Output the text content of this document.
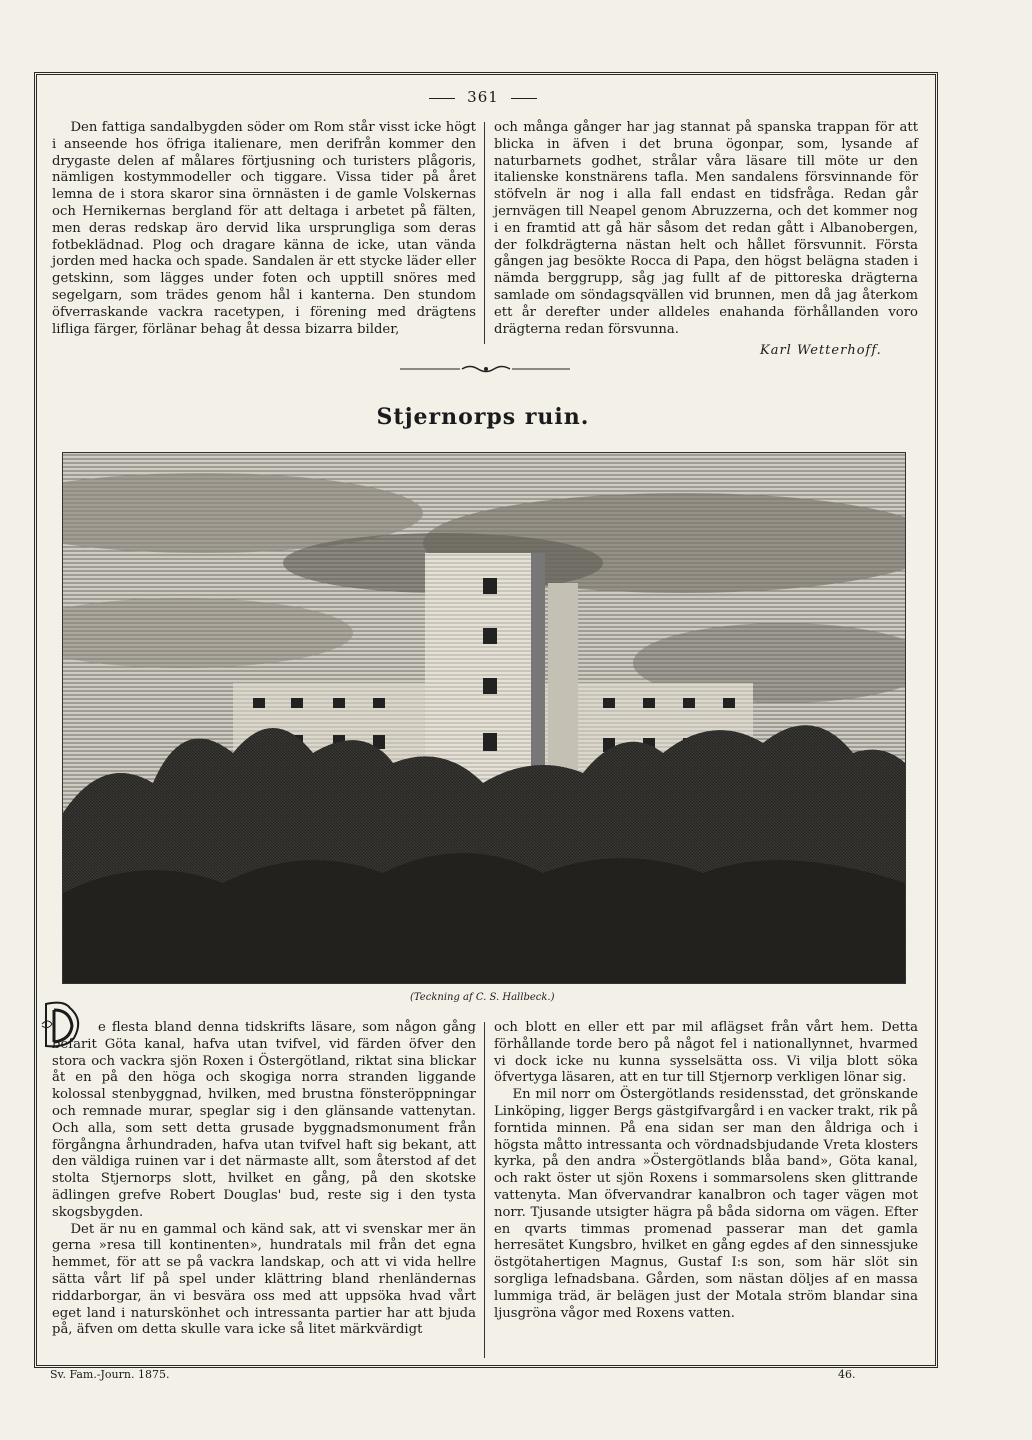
361

Den fattiga sandalbygden söder om Rom står visst icke högt i anseende hos öfriga italienare, men derifrån kommer den drygaste delen af målares förtjusning och turisters plågoris, nämligen kostymmodeller och tiggare. Vissa tider på året lemna de i stora skaror sina örnnästen i de gamle Volskernas och Hernikernas bergland för att deltaga i arbetet på fälten, men deras redskap äro dervid lika ursprungliga som deras fotbeklädnad. Plog och dragare känna de icke, utan vända jorden med hacka och spade. Sandalen är ett stycke läder eller getskinn, som lägges under foten och upptill snöres med segelgarn, som trädes genom hål i kanterna. Den stundom öfverraskande vackra racetypen, i förening med drägtens lifliga färger, förlänar behag åt dessa bizarra bilder,

och många gånger har jag stannat på spanska trappan för att blicka in äfven i det bruna ögonpar, som, lysande af naturbarnets godhet, strålar våra läsare till möte ur den italienske konstnärens tafla. Men sandalens försvinnande för stöfveln är nog i alla fall endast en tidsfråga. Redan går jernvägen till Neapel genom Abruzzerna, och det kommer nog i en framtid att gå här såsom det redan gått i Albanobergen, der folkdrägterna nästan helt och hållet försvunnit. Första gången jag besökte Rocca di Papa, den högst belägna staden i nämda berggrupp, såg jag fullt af de pittoreska drägterna samlade om söndagsqvällen vid brunnen, men då jag återkom ett år derefter under alldeles enahanda förhållanden voro drägterna redan försvunna.

Karl Wetterhoff.
Stjernorps ruin.
(Teckning af C. S. Hallbeck.)

e flesta bland denna tidskrifts läsare, som någon gång befarit Göta kanal, hafva utan tvifvel, vid färden öfver den stora och vackra sjön Roxen i Östergötland, riktat sina blickar åt en på den höga och skogiga norra stranden liggande kolossal stenbyggnad, hvilken, med brustna fönsteröppningar och remnade murar, speglar sig i den glänsande vattenytan. Och alla, som sett detta grusade byggnadsmonument från förgångna århundraden, hafva utan tvifvel haft sig bekant, att den väldiga ruinen var i det närmaste allt, som återstod af det stolta Stjernorps slott, hvilket en gång, på den skotske ädlingen grefve Robert Douglas' bud, reste sig i den tysta skogsbygden.

Det är nu en gammal och känd sak, att vi svenskar mer än gerna »resa till kontinenten», hundratals mil från det egna hemmet, för att se på vackra landskap, och att vi vida hellre sätta vårt lif på spel under klättring bland rhenländernas riddarborgar, än vi besvära oss med att uppsöka hvad vårt eget land i naturskönhet och intressanta partier har att bjuda på, äfven om detta skulle vara icke så litet märkvärdigt

och blott en eller ett par mil aflägset från vårt hem. Detta förhållande torde bero på något fel i nationallynnet, hvarmed vi dock icke nu kunna sysselsätta oss. Vi vilja blott söka öfvertyga läsaren, att en tur till Stjernorp verkligen lönar sig.

En mil norr om Östergötlands residensstad, det grönskande Linköping, ligger Bergs gästgifvargård i en vacker trakt, rik på forntida minnen. På ena sidan ser man den åldriga och i högsta måtto intressanta och vördnadsbjudande Vreta klosters kyrka, på den andra »Östergötlands blåa band», Göta kanal, och rakt öster ut sjön Roxens i sommarsolens sken glittrande vattenyta. Man öfvervandrar kanalbron och tager vägen mot norr. Tjusande utsigter hägra på båda sidorna om vägen. Efter en qvarts timmas promenad passerar man det gamla herresätet Kungsbro, hvilket en gång egdes af den sinnessjuke östgötahertigen Magnus, Gustaf I:s son, som här slöt sin sorgliga lefnadsbana. Gården, som nästan döljes af en massa lummiga träd, är belägen just der Motala ström blandar sina ljusgröna vågor med Roxens vatten.

Sv. Fam.-Journ. 1875.	46.
